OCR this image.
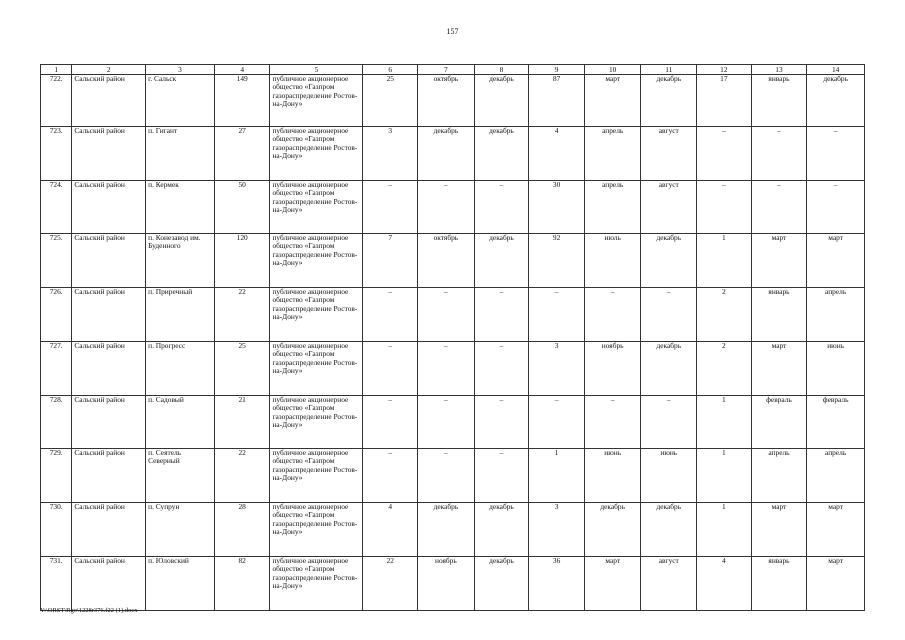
157
1	2	3	4	5	6	7	8	9	10	11	12	13	14
722.	Сальский район	г. Сальск	149	публичное акционерное общество «Газпром газораспределение Ростов-на-Дону»	25	октябрь	декабрь	87	март	декабрь	17	январь	декабрь
723.	Сальский район	п. Гигант	27	публичное акционерное общество «Газпром газораспределение Ростов-на-Дону»	3	декабрь	декабрь	4	апрель	август	–	–	–
724.	Сальский район	п. Кермек	50	публичное акционерное общество «Газпром газораспределение Ростов-на-Дону»	–	–	–	30	апрель	август	–	–	–
725.	Сальский район	п. Конезавод им. Буденного	120	публичное акционерное общество «Газпром газораспределение Ростов-на-Дону»	7	октябрь	декабрь	92	июль	декабрь	1	март	март
726.	Сальский район	п. Приречный	22	публичное акционерное общество «Газпром газораспределение Ростов-на-Дону»	–	–	–	–	–	–	2	январь	апрель
727.	Сальский район	п. Прогресс	25	публичное акционерное общество «Газпром газораспределение Ростов-на-Дону»	–	–	–	3	ноябрь	декабрь	2	март	июнь
728.	Сальский район	п. Садовый	21	публичное акционерное общество «Газпром газораспределение Ростов-на-Дону»	–	–	–	–	–	–	1	февраль	февраль
729.	Сальский район	п. Сеятель Северный	22	публичное акционерное общество «Газпром газораспределение Ростов-на-Дону»	–	–	–	1	июнь	июнь	1	апрель	апрель
730.	Сальский район	п. Супрун	28	публичное акционерное общество «Газпром газораспределение Ростов-на-Дону»	4	декабрь	декабрь	3	декабрь	декабрь	1	март	март
731.	Сальский район	п. Юловский	82	публичное акционерное общество «Газпром газораспределение Ростов-на-Дону»	22	ноябрь	декабрь	36	март	август	4	январь	март
Y:\ORST\Rgo\1228r376.f22 (1).docx
